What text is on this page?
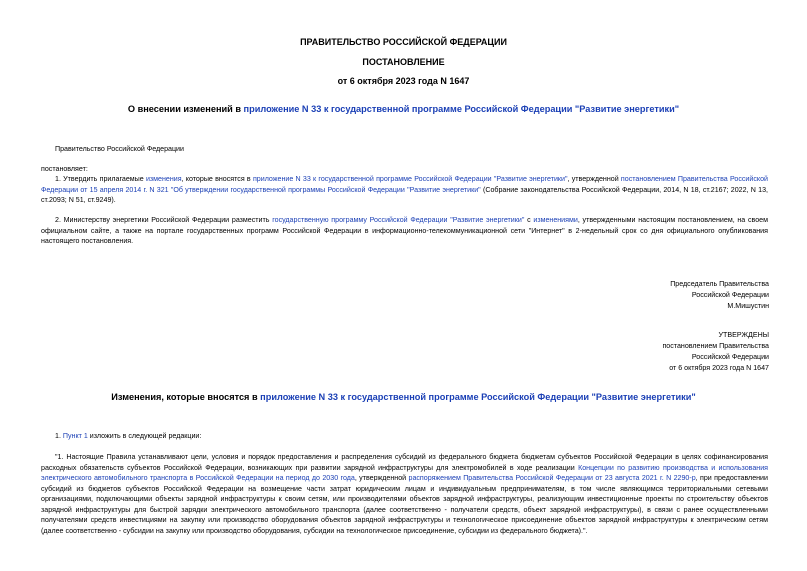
ПРАВИТЕЛЬСТВО РОССИЙСКОЙ ФЕДЕРАЦИИ
ПОСТАНОВЛЕНИЕ
от 6 октября 2023 года N 1647
О внесении изменений в приложение N 33 к государственной программе Российской Федерации "Развитие энергетики"
Правительство Российской Федерации
постановляет:
1. Утвердить прилагаемые изменения, которые вносятся в приложение N 33 к государственной программе Российской Федерации "Развитие энергетики", утвержденной постановлением Правительства Российской Федерации от 15 апреля 2014 г. N 321 "Об утверждении государственной программы Российской Федерации "Развитие энергетики" (Собрание законодательства Российской Федерации, 2014, N 18, ст.2167; 2022, N 13, ст.2093; N 51, ст.9249).
2. Министерству энергетики Российской Федерации разместить государственную программу Российской Федерации "Развитие энергетики" с изменениями, утвержденными настоящим постановлением, на своем официальном сайте, а также на портале государственных программ Российской Федерации в информационно-телекоммуникационной сети "Интернет" в 2-недельный срок со дня официального опубликования настоящего постановления.
Председатель Правительства
Российской Федерации
М.Мишустин
УТВЕРЖДЕНЫ
постановлением Правительства
Российской Федерации
от 6 октября 2023 года N 1647
Изменения, которые вносятся в приложение N 33 к государственной программе Российской Федерации "Развитие энергетики"
1. Пункт 1 изложить в следующей редакции:
"1. Настоящие Правила устанавливают цели, условия и порядок предоставления и распределения субсидий из федерального бюджета бюджетам субъектов Российской Федерации в целях софинансирования расходных обязательств субъектов Российской Федерации, возникающих при развитии зарядной инфраструктуры для электромобилей в ходе реализации Концепции по развитию производства и использования электрического автомобильного транспорта в Российской Федерации на период до 2030 года, утвержденной распоряжением Правительства Российской Федерации от 23 августа 2021 г. N 2290-р, при предоставлении субсидий из бюджетов субъектов Российской Федерации на возмещение части затрат юридическим лицам и индивидуальным предпринимателям, в том числе являющимся территориальными сетевыми организациями, подключающими объекты зарядной инфраструктуры к своим сетям, или производителями объектов зарядной инфраструктуры, реализующим инвестиционные проекты по строительству объектов зарядной инфраструктуры для быстрой зарядки электрического автомобильного транспорта (далее соответственно - получатели средств, объект зарядной инфраструктуры), в связи с ранее осуществленными получателями средств инвестициями на закупку или производство оборудования объектов зарядной инфраструктуры и технологическое присоединение объектов зарядной инфраструктуры к электрическим сетям (далее соответственно - субсидии на закупку или производство оборудования, субсидии на технологическое присоединение, субсидии из федерального бюджета).".
